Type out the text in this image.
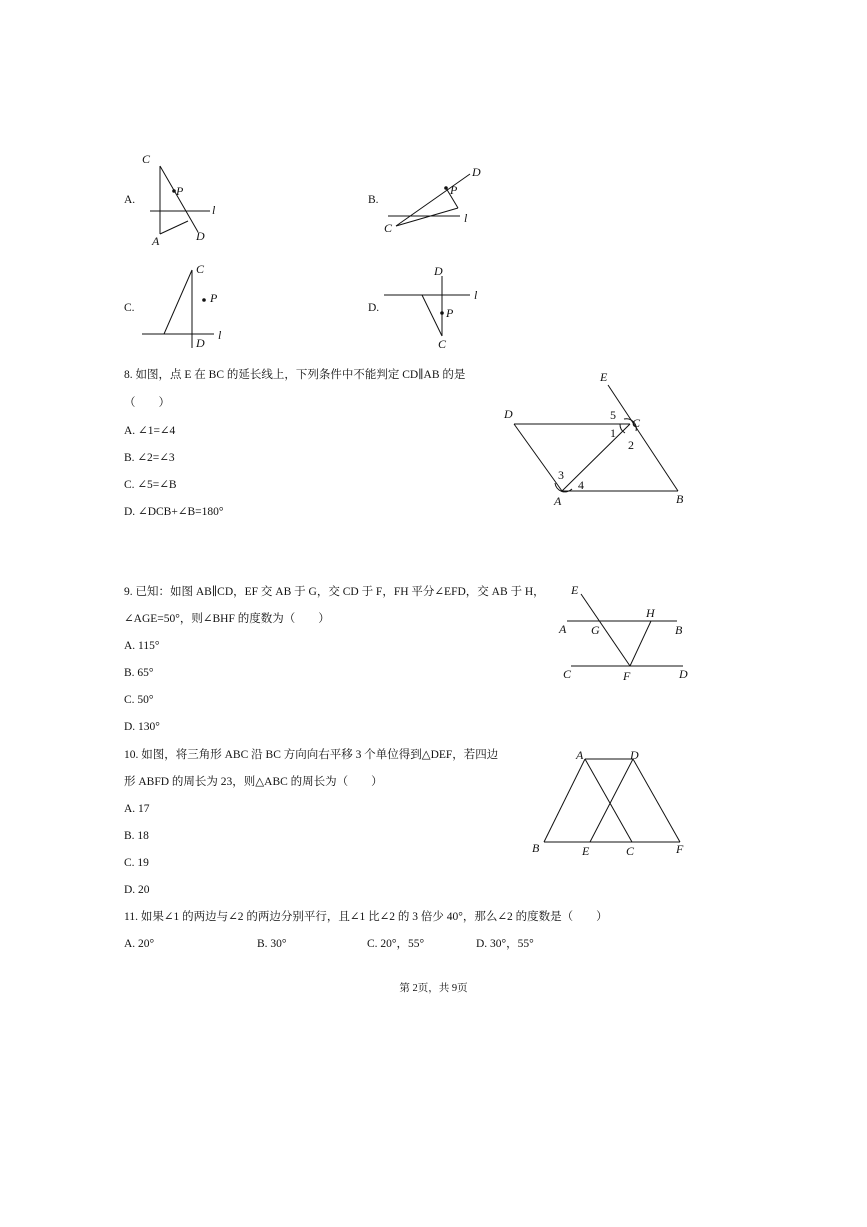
A.
C
P
l
A	D
B.
D
P
l
C
C.
C
P
l
D
D.
D
l
P
C
8. 如图，点 E 在 BC 的延长线上，下列条件中不能判定 CD∥AB 的是
（　　）
A. ∠1=∠4
B. ∠2=∠3
C. ∠5=∠B
D. ∠DCB+∠B=180°
E
D	5
C
1
2
3
4
A	B
9. 已知：如图 AB∥CD，EF 交 AB 于 G，交 CD 于 F，FH 平分∠EFD，交 AB 于 H，
∠AGE=50°，则∠BHF 的度数为（　　）
A. 115°
B. 65°
C. 50°
D. 130°
E
H
A G	B
C	F	D
10. 如图，将三角形 ABC 沿 BC 方向向右平移 3 个单位得到△DEF，若四边
形 ABFD 的周长为 23，则△ABC 的周长为（　　）
A. 17
B. 18
C. 19
D. 20
A	D
B	E	C	F
11. 如果∠1 的两边与∠2 的两边分别平行，且∠1 比∠2 的 3 倍少 40°，那么∠2 的度数是（　　）
A. 20°	B. 30°	C. 20°，55°	D. 30°，55°
第 2页，共 9页
